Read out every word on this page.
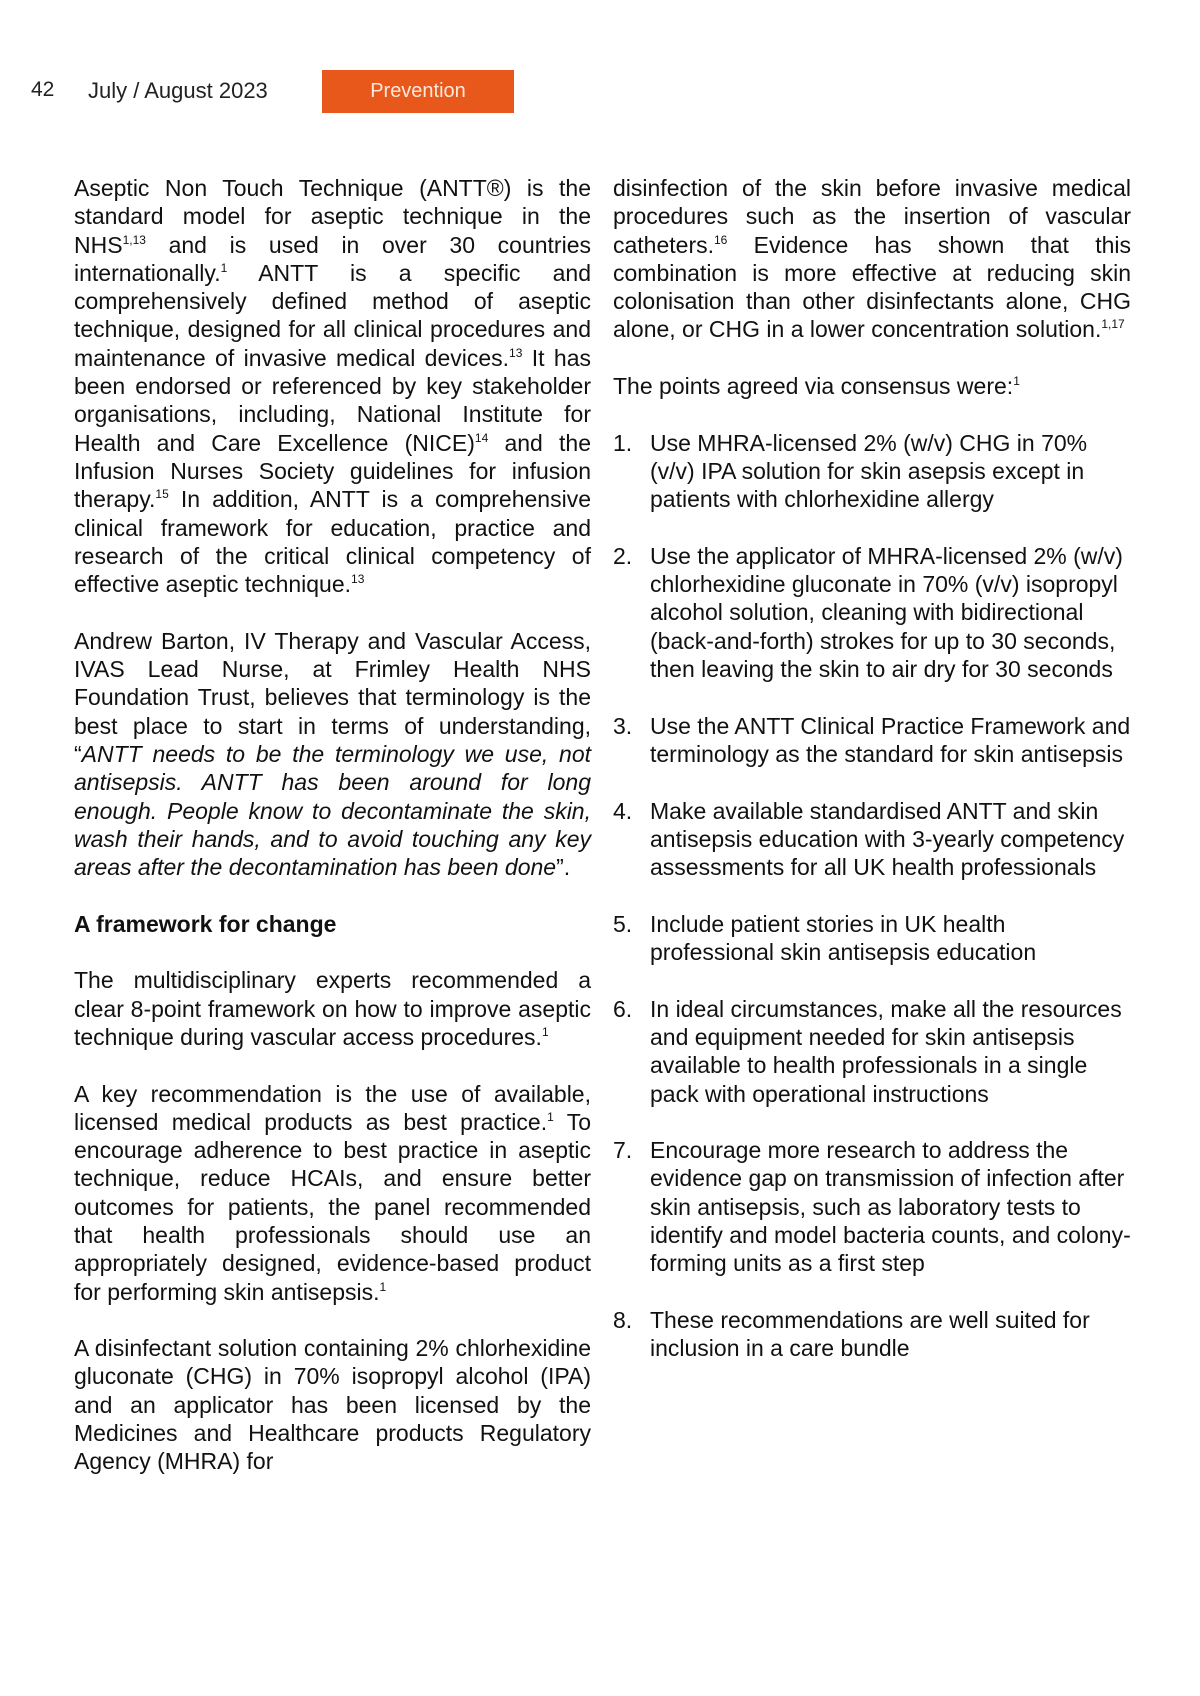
42 July / August 2023	Prevention

Aseptic Non Touch Technique (ANTT®) is the standard model for aseptic technique in the NHS$^{1,13}$ and is used in over 30 countries internationally.$^1$ ANTT is a specific and comprehensively defined method of aseptic technique, designed for all clinical procedures and maintenance of invasive medical devices.$^{13}$ It has been endorsed or referenced by key stakeholder organisations, including, National Institute for Health and Care Excellence (NICE)$^{14}$ and the Infusion Nurses Society guidelines for infusion therapy.$^{15}$ In addition, ANTT is a comprehensive clinical framework for education, practice and research of the critical clinical competency of effective aseptic technique.$^{13}$

Andrew Barton, IV Therapy and Vascular Access, IVAS Lead Nurse, at Frimley Health NHS Foundation Trust, believes that terminology is the best place to start in terms of understanding, “ANTT needs to be the terminology we use, not antisepsis. ANTT has been around for long enough. People know to decontaminate the skin, wash their hands, and to avoid touching any key areas after the decontamination has been done”.

A framework for change

The multidisciplinary experts recommended a clear 8-point framework on how to improve aseptic technique during vascular access procedures.$^1$

A key recommendation is the use of available, licensed medical products as best practice.$^1$ To encourage adherence to best practice in aseptic technique, reduce HCAIs, and ensure better outcomes for patients, the panel recommended that health professionals should use an appropriately designed, evidence-based product for performing skin antisepsis.$^1$

A disinfectant solution containing 2% chlorhexidine gluconate (CHG) in 70% isopropyl alcohol (IPA) and an applicator has been licensed by the Medicines and Healthcare products Regulatory Agency (MHRA) for

disinfection of the skin before invasive medical procedures such as the insertion of vascular catheters.$^{16}$ Evidence has shown that this combination is more effective at reducing skin colonisation than other disinfectants alone, CHG alone, or CHG in a lower concentration solution.$^{1,17}$

The points agreed via consensus were:$^1$

1. Use MHRA-licensed 2% (w/v) CHG in 70% (v/v) IPA solution for skin asepsis except in patients with chlorhexidine allergy
2. Use the applicator of MHRA-licensed 2% (w/v) chlorhexidine gluconate in 70% (v/v) isopropyl alcohol solution, cleaning with bidirectional (back-and-forth) strokes for up to 30 seconds, then leaving the skin to air dry for 30 seconds
3. Use the ANTT Clinical Practice Framework and terminology as the standard for skin antisepsis
4. Make available standardised ANTT and skin antisepsis education with 3-yearly competency assessments for all UK health professionals
5. Include patient stories in UK health professional skin antisepsis education
6. In ideal circumstances, make all the resources and equipment needed for skin antisepsis available to health professionals in a single pack with operational instructions
7. Encourage more research to address the evidence gap on transmission of infection after skin antisepsis, such as laboratory tests to identify and model bacteria counts, and colony-forming units as a first step
8. These recommendations are well suited for inclusion in a care bundle
